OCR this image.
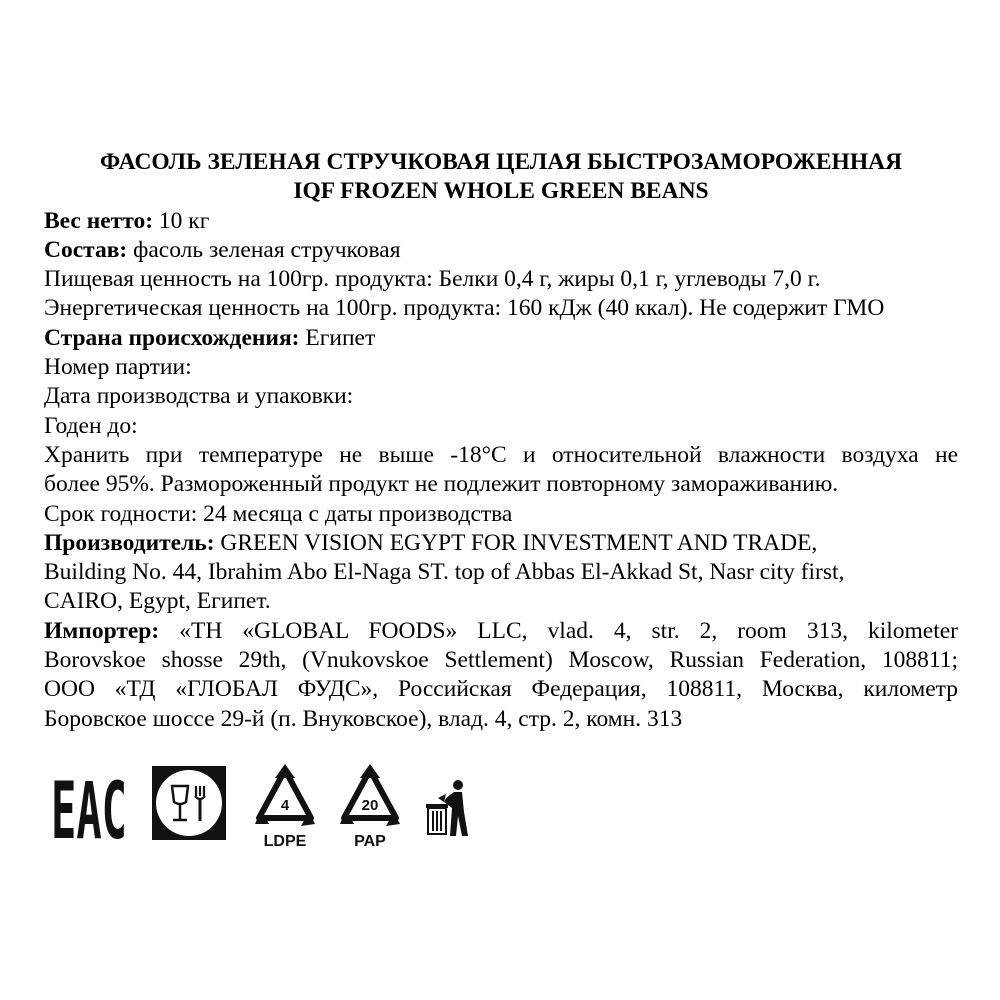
ФАСОЛЬ ЗЕЛЕНАЯ СТРУЧКОВАЯ ЦЕЛАЯ БЫСТРОЗАМОРОЖЕННАЯ
IQF FROZEN WHOLE GREEN BEANS
Вес нетто: 10 кг
Состав: фасоль зеленая стручковая
Пищевая ценность на 100гр. продукта: Белки 0,4 г, жиры 0,1 г, углеводы 7,0 г.
Энергетическая ценность на 100гр. продукта: 160 кДж (40 ккал). Не содержит ГМО
Страна происхождения: Египет
Номер партии:
Дата производства и упаковки:
Годен до:
Хранить при температуре не выше -18°С и относительной влажности воздуха не
более 95%. Размороженный продукт не подлежит повторному замораживанию.
Срок годности: 24 месяца с даты производства
Производитель: GREEN VISION EGYPT FOR INVESTMENT AND TRADE,
Building No. 44, Ibrahim Abo El-Naga ST. top of Abbas El-Akkad St, Nasr city first,
CAIRO, Egypt, Египет.
Импортер: «TH «GLOBAL FOODS» LLC, vlad. 4, str. 2, room 313, kilometer
Borovskoe shosse 29th, (Vnukovskoe Settlement) Moscow, Russian Federation, 108811;
ООО «ТД «ГЛОБАЛ ФУДС», Российская Федерация, 108811, Москва, километр
Боровское шоссе 29-й (п. Внуковское), влад. 4, стр. 2, комн. 313
EAC	4
LDPE
20
PAP
